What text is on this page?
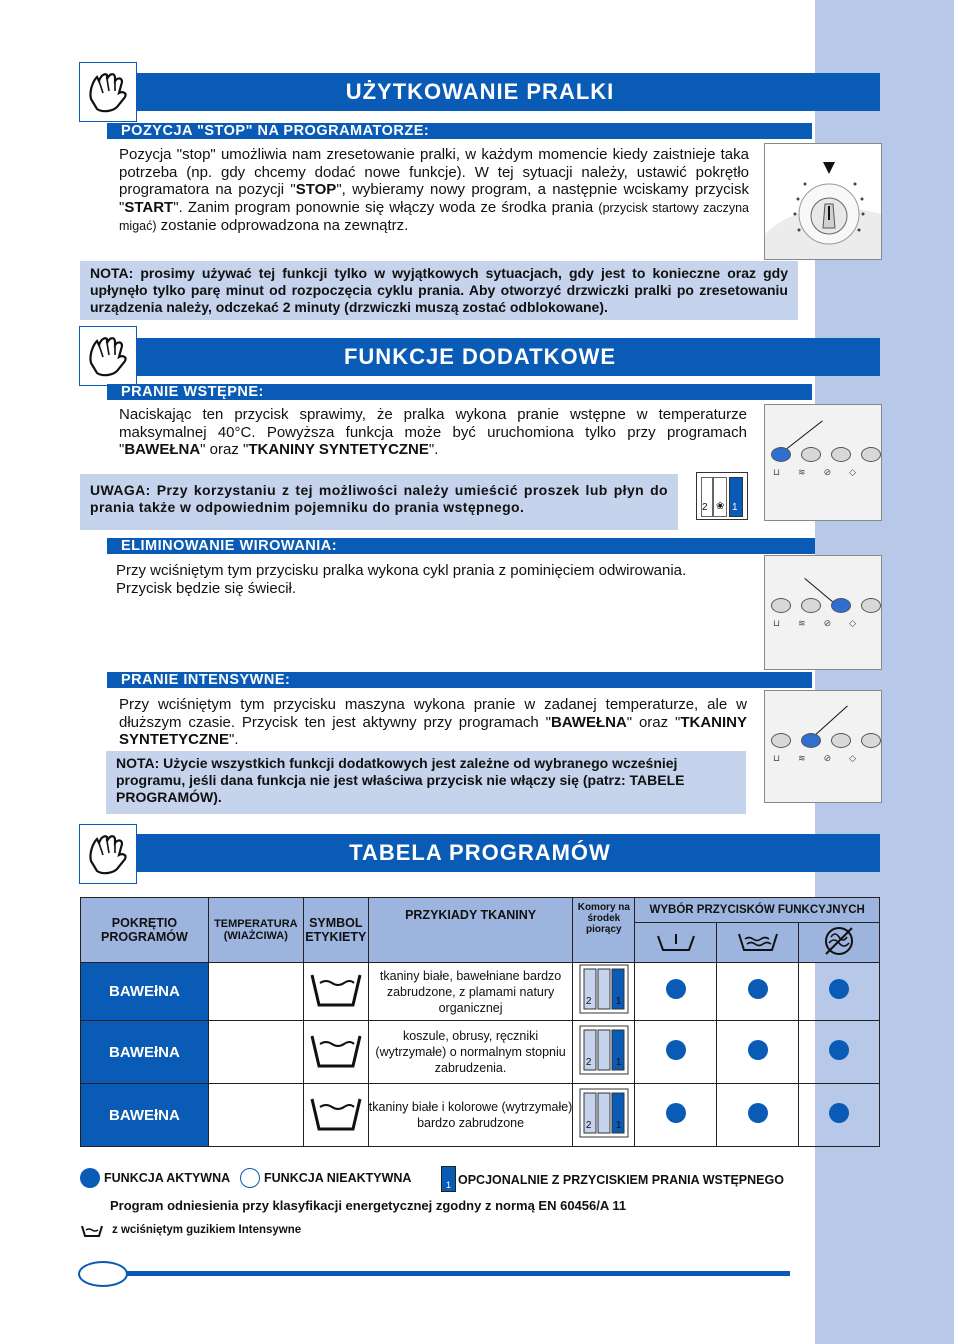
UŻYTKOWANIE PRALKI
POZYCJA "STOP" NA PROGRAMATORZE:
Pozycja "stop" umożliwia nam zresetowanie pralki, w każdym momencie kiedy zaistnieje taka potrzeba (np. gdy chcemy dodać nowe funkcje). W tej sytuacji należy, ustawić pokrętło programatora na pozycji "STOP", wybieramy nowy program, a następnie wciskamy przycisk "START". Zanim program ponownie się włączy woda ze środka prania (przycisk startowy zaczyna migać) zostanie odprowadzona na zewnątrz.
NOTA: prosimy używać tej funkcji tylko w wyjątkowych sytuacjach, gdy jest to konieczne oraz gdy upłynęło tylko parę minut od rozpoczęcia cyklu prania. Aby otworzyć drzwiczki pralki po zresetowaniu urządzenia należy, odczekać 2 minuty (drzwiczki muszą zostać odblokowane).
FUNKCJE DODATKOWE
PRANIE WSTĘPNE:
Naciskając ten przycisk sprawimy, że pralka wykona pranie wstępne w temperaturze maksymalnej 40°C. Powyższa funkcja może być uruchomiona tylko przy programach "BAWEŁNA" oraz "TKANINY SYNTETYCZNE".
⊔ ≋ ⊘ ◇
UWAGA: Przy korzystaniu z tej możliwości należy umieścić proszek lub płyn do prania także w odpowiednim pojemniku do prania wstępnego.	2 ❀ 1
ELIMINOWANIE WIROWANIA:
Przy wciśniętym tym przycisku pralka wykona cykl prania z pominięciem odwirowania. Przycisk będzie się świecił.
⊔ ≋ ⊘ ◇
PRANIE INTENSYWNE:
Przy wciśniętym tym przycisku maszyna wykona pranie w zadanej temperaturze, ale w dłuższym czasie. Przycisk ten jest aktywny przy programach "BAWEŁNA" oraz "TKANINY SYNTETYCZNE".
⊔ ≋ ⊘ ◇
NOTA: Użycie wszystkich funkcji dodatkowych jest zależne od wybranego wcześniej programu, jeśli dana funkcja nie jest właściwa przycisk nie włączy się (patrz: TABELE PROGRAMÓW).
TABELA PROGRAMÓW
POKRĘTIO PROGRAMÓW	TEMPERATURA (WIAŻCIWA)	SYMBOL ETYKIETY	PRZYKIADY TKANINY	Komory na środek piorący	WYBÓR PRZYCISKÓW FUNKCYJNYCH		

BAWEłNA			tkaniny białe, bawełniane bardzo zabrudzone, z plamami natury organicznej	2 1			

BAWEłNA			koszule, obrusy, ręczniki (wytrzymałe) o normalnym stopniu zabrudzenia.	2 1			

BAWEłNA			tkaniny białe i kolorowe (wytrzymałe) bardzo zabrudzone	2 1			

FUNKCJA AKTYWNA	FUNKCJA NIEAKTYWNA	1 OPCJONALNIE Z PRZYCISKIEM PRANIA WSTĘPNEGO
Program odniesienia przy klasyfikacji energetycznej zgodny z normą EN 60456/A 11
z wciśniętym guzikiem Intensywne
